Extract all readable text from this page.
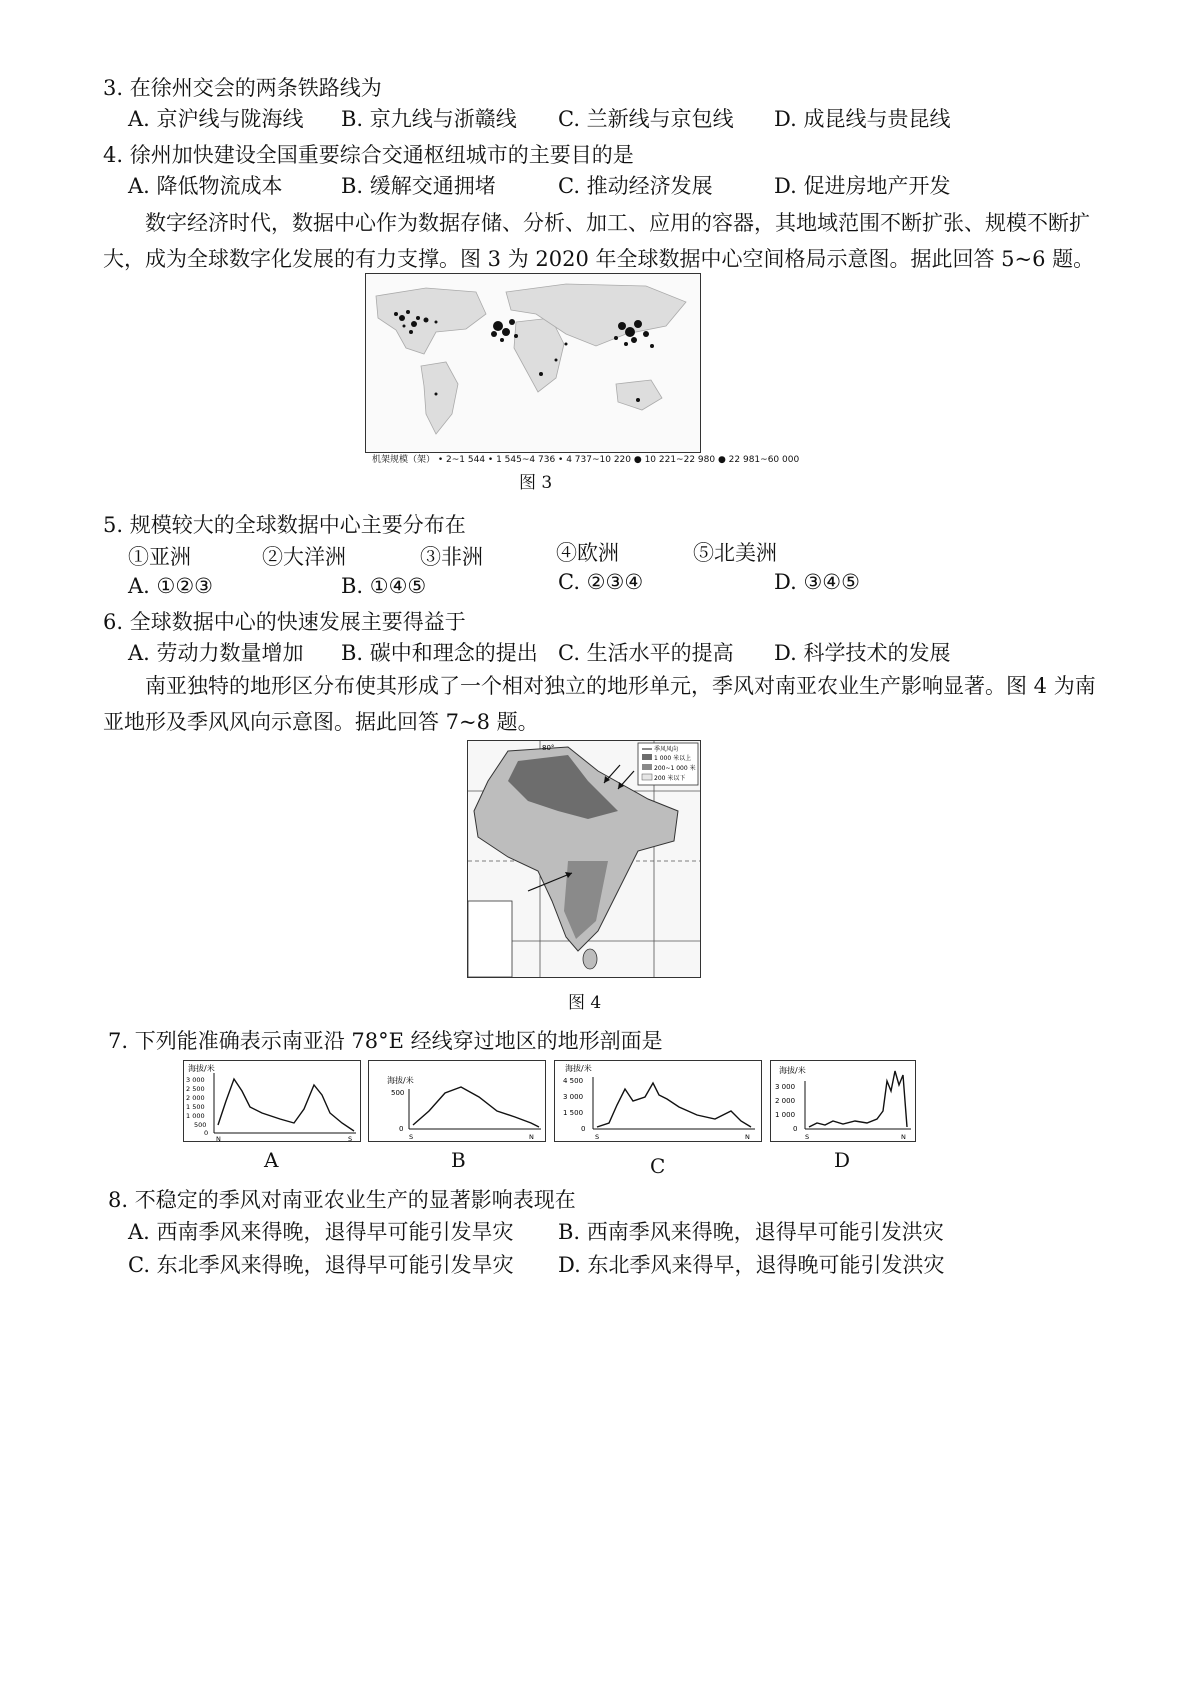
3. 在徐州交会的两条铁路线为
A. 京沪线与陇海线 B. 京九线与浙赣线 C. 兰新线与京包线 D. 成昆线与贵昆线
4. 徐州加快建设全国重要综合交通枢纽城市的主要目的是
A. 降低物流成本	B. 缓解交通拥堵	C. 推动经济发展	D. 促进房地产开发
数字经济时代，数据中心作为数据存储、分析、加工、应用的容器，其地域范围不断扩张、规模不断扩大，成为全球数字化发展的有力支撑。图 3 为 2020 年全球数据中心空间格局示意图。据此回答 5~6 题。
机架规模（架） • 2~1 544 • 1 545~4 736 • 4 737~10 220 ● 10 221~22 980 ● 22 981~60 000
图 3
5. 规模较大的全球数据中心主要分布在
①亚洲	②大洋洲	③非洲	④欧洲	⑤北美洲
A. ①②③	B. ①④⑤	C. ②③④	D. ③④⑤
6. 全球数据中心的快速发展主要得益于
A. 劳动力数量增加 B. 碳中和理念的提出 C. 生活水平的提高 D. 科学技术的发展
南亚独特的地形区分布使其形成了一个相对独立的地形单元，季风对南亚农业生产影响显著。图 4 为南亚地形及季风风向示意图。据此回答 7~8 题。
季风风向
1 000 米以上
200~1 000 米
200 米以下
80°
图 4
7. 下列能准确表示南亚沿 78°E 经线穿过地区的地形剖面是
海拔/米
3 000
2 500
2 000
1 500
1 000
500
0
N	S
A
海拔/米
500
0
S	N
B
海拔/米
4 500
3 000
1 500
0
S	N
C
海拔/米
3 000
2 000
1 000
0
S	N
D
8. 不稳定的季风对南亚农业生产的显著影响表现在
A. 西南季风来得晚，退得早可能引发旱灾 B. 西南季风来得晚，退得早可能引发洪灾
C. 东北季风来得晚，退得早可能引发旱灾 D. 东北季风来得早，退得晚可能引发洪灾
